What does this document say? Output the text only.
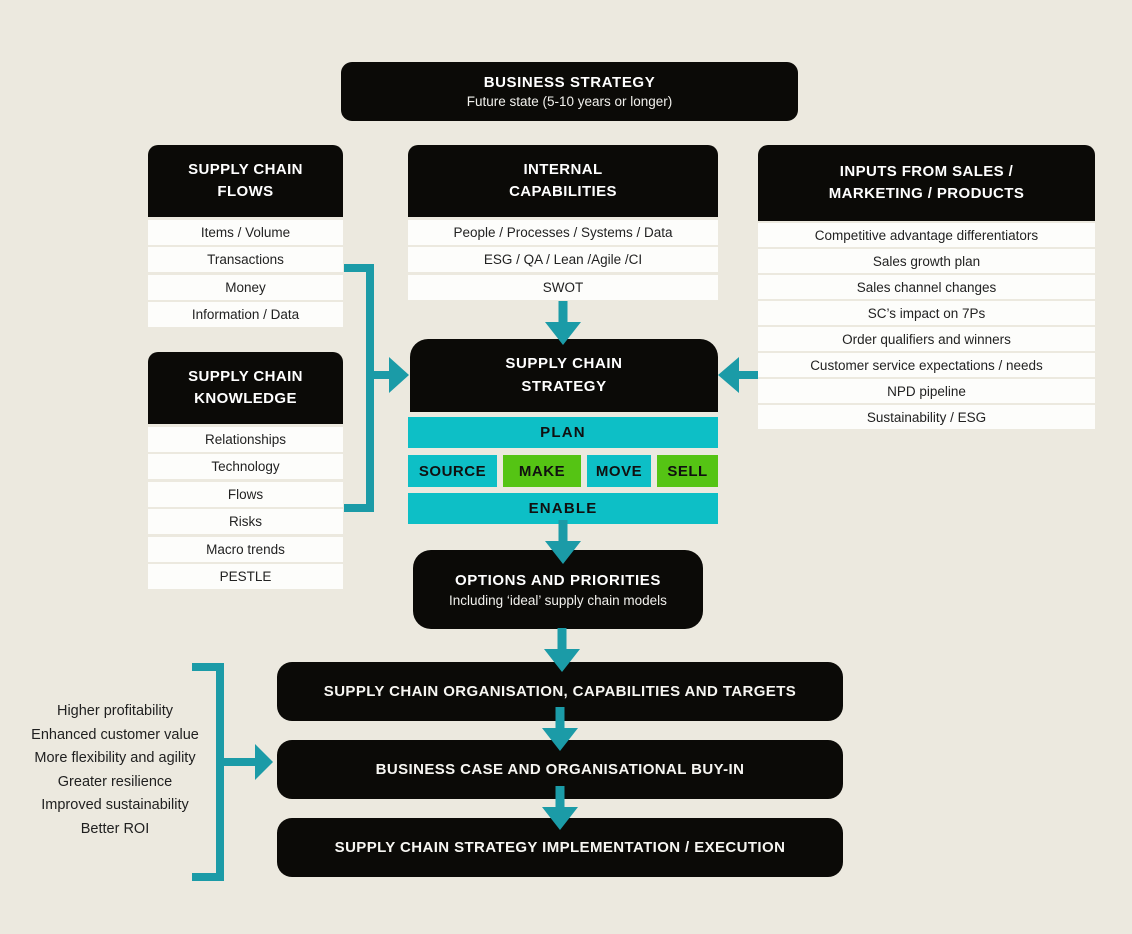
BUSINESS STRATEGY
Future state (5-10 years or longer)
SUPPLY CHAIN
FLOWS
Items / Volume
Transactions
Money
Information / Data
SUPPLY CHAIN
KNOWLEDGE
Relationships
Technology
Flows
Risks
Macro trends
PESTLE
INTERNAL
CAPABILITIES
People / Processes / Systems / Data
ESG / QA / Lean /Agile /CI
SWOT
INPUTS FROM SALES /
MARKETING / PRODUCTS
Competitive advantage differentiators
Sales growth plan
Sales channel changes
SC’s impact on 7Ps
Order qualifiers and winners
Customer service expectations / needs
NPD pipeline
Sustainability / ESG
SUPPLY CHAIN
STRATEGY
PLAN
SOURCE	MAKE	MOVE	SELL
ENABLE
OPTIONS AND PRIORITIES
Including ‘ideal’ supply chain models
SUPPLY CHAIN ORGANISATION, CAPABILITIES AND TARGETS
BUSINESS CASE AND ORGANISATIONAL BUY-IN
SUPPLY CHAIN STRATEGY IMPLEMENTATION / EXECUTION
Higher profitability
Enhanced customer value
More flexibility and agility
Greater resilience
Improved sustainability
Better ROI
